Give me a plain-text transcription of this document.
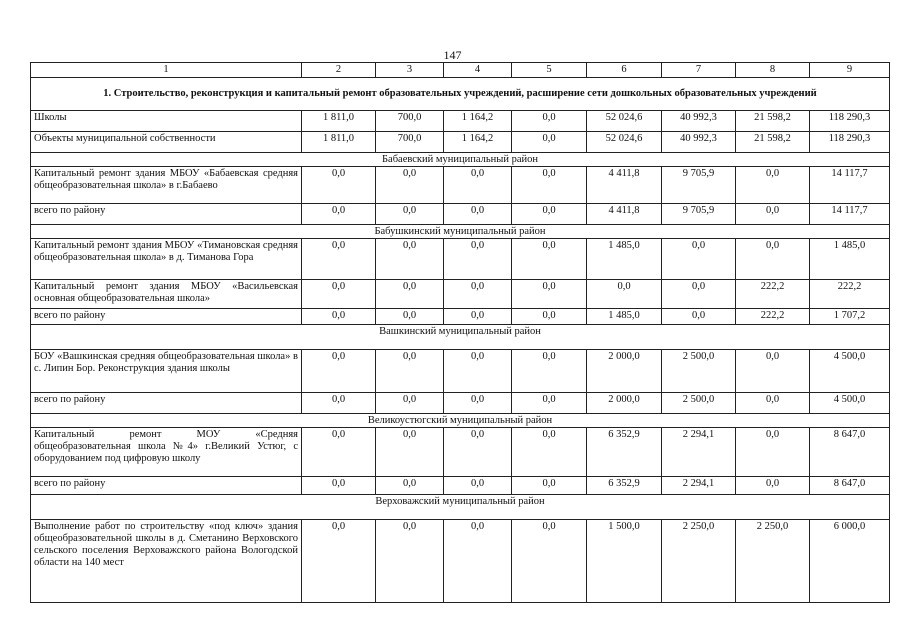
147
1	2	3	4	5	6	7	8	9
1. Строительство, реконструкция и капитальный ремонт образовательных учреждений, расширение сети дошкольных образовательных учреждений								
Школы	1 811,0	700,0	1 164,2	0,0	52 024,6	40 992,3	21 598,2	118 290,3
Объекты муниципальной собственности	1 811,0	700,0	1 164,2	0,0	52 024,6	40 992,3	21 598,2	118 290,3
Бабаевский муниципальный район								
Капитальный ремонт здания МБОУ «Бабаевская средняя общеобразовательная школа» в г.Бабаево	0,0	0,0	0,0	0,0	4 411,8	9 705,9	0,0	14 117,7
всего по району	0,0	0,0	0,0	0,0	4 411,8	9 705,9	0,0	14 117,7
Бабушкинский муниципальный район								
Капитальный ремонт здания МБОУ «Тимановская средняя общеобразовательная школа» в д. Тиманова Гора	0,0	0,0	0,0	0,0	1 485,0	0,0	0,0	1 485,0
Капитальный ремонт здания МБОУ «Васильевская основная общеобразовательная школа»	0,0	0,0	0,0	0,0	0,0	0,0	222,2	222,2
всего по району	0,0	0,0	0,0	0,0	1 485,0	0,0	222,2	1 707,2
Вашкинский муниципальный район								
БОУ «Вашкинская средняя общеобразовательная школа» в с. Липин Бор. Реконструкция здания школы	0,0	0,0	0,0	0,0	2 000,0	2 500,0	0,0	4 500,0
всего по району	0,0	0,0	0,0	0,0	2 000,0	2 500,0	0,0	4 500,0
Великоустюгский муниципальный район								
Капитальный ремонт МОУ «Средняя общеобразовательная школа №4» г.Великий Устюг, с оборудованием под цифровую школу	0,0	0,0	0,0	0,0	6 352,9	2 294,1	0,0	8 647,0
всего по району	0,0	0,0	0,0	0,0	6 352,9	2 294,1	0,0	8 647,0
Верховажский муниципальный район								
Выполнение работ по строительству «под ключ» здания общеобразовательной школы в д. Сметанино Верховского сельского поселения Верховажского района Вологодской области на 140 мест	0,0	0,0	0,0	0,0	1 500,0	2 250,0	2 250,0	6 000,0
